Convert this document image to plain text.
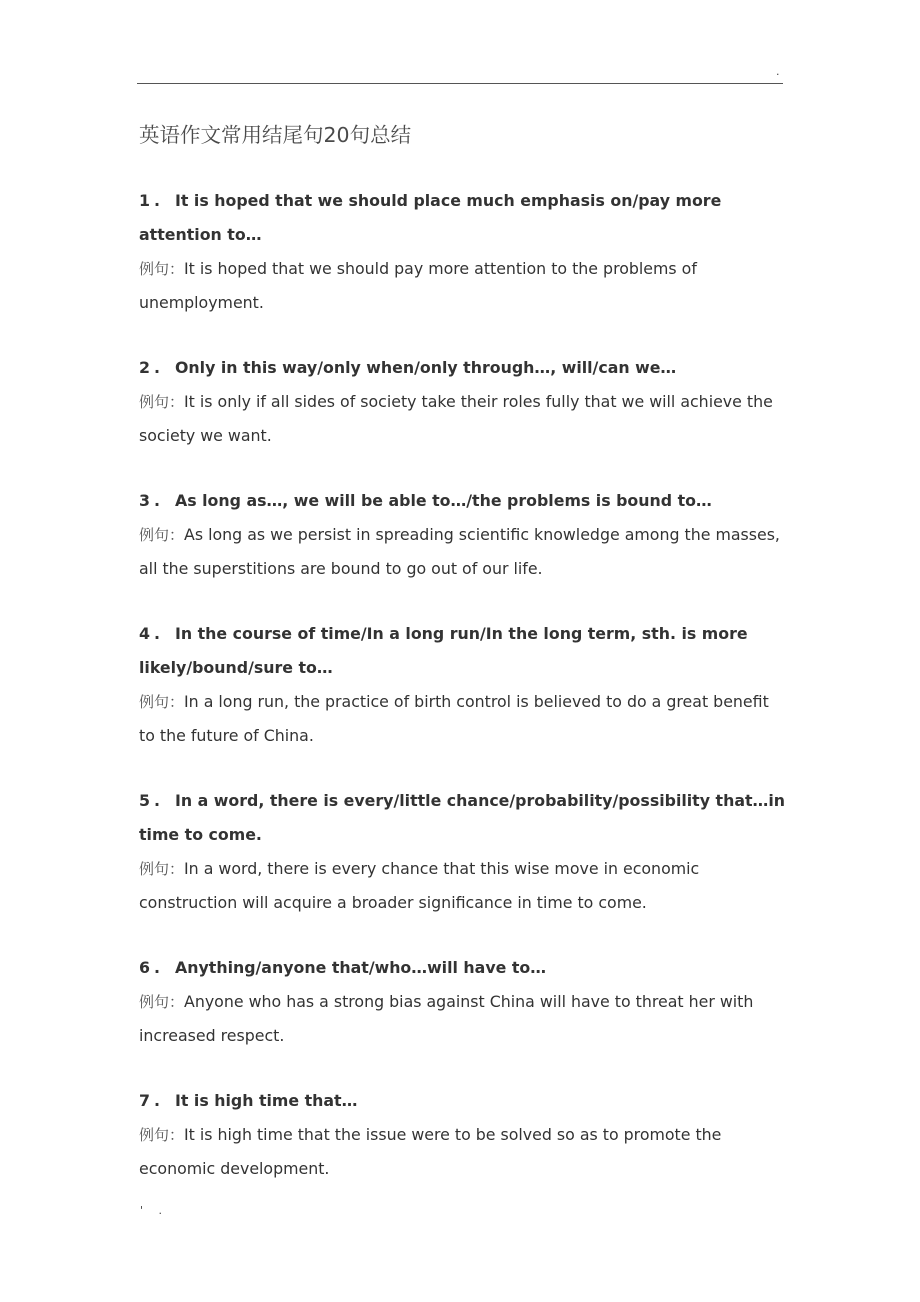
.
英语作文常用结尾句20句总结

1 . It is hoped that we should place much emphasis on/pay more attention to…

例句：It is hoped that we should pay more attention to the problems of unemployment.

2 . Only in this way/only when/only through…, will/can we…

例句：It is only if all sides of society take their roles fully that we will achieve the society we want.

3 . As long as…, we will be able to…/the problems is bound to…

例句：As long as we persist in spreading scientific knowledge among the masses, all the superstitions are bound to go out of our life.

4 . In the course of time/In a long run/In the long term, sth. is more likely/bound/sure to…

例句：In a long run, the practice of birth control is believed to do a great benefit to the future of China.

5 . In a word, there is every/little chance/probability/possibility that…in time to come.

例句：In a word, there is every chance that this wise move in economic construction will acquire a broader significance in time to come.

6 . Anything/anyone that/who…will have to…

例句：Anyone who has a strong bias against China will have to threat her with increased respect.

7 . It is high time that…

例句：It is high time that the issue were to be solved so as to promote the economic development.

' .
